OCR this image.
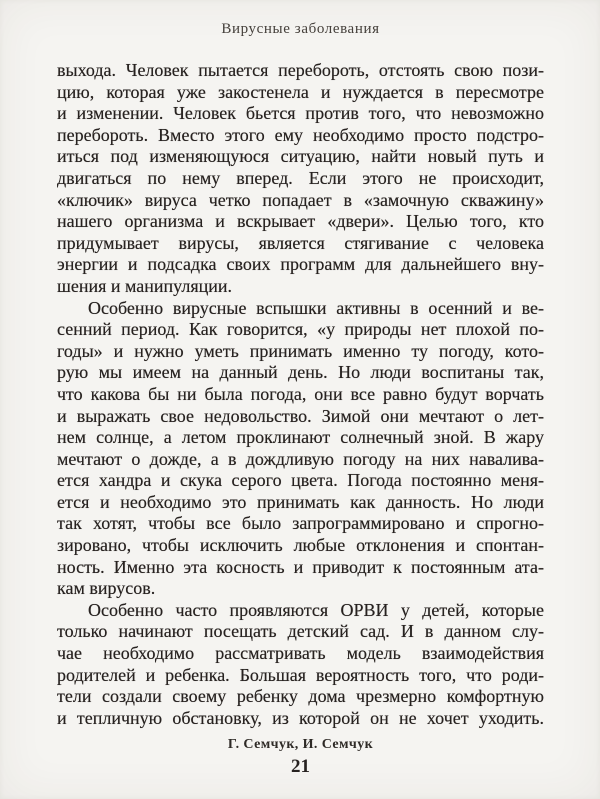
Вирусные заболевания
выхода. Человек пытается перебороть, отстоять свою пози-
цию, которая уже закостенела и нуждается в пересмотре
и изменении. Человек бьется против того, что невозможно
перебороть. Вместо этого ему необходимо просто подстро-
иться под изменяющуюся ситуацию, найти новый путь и
двигаться по нему вперед. Если этого не происходит,
«ключик» вируса четко попадает в «замочную скважину»
нашего организма и вскрывает «двери». Целью того, кто
придумывает вирусы, является стягивание с человека
энергии и подсадка своих программ для дальнейшего вну-
шения и манипуляции.
Особенно вирусные вспышки активны в осенний и ве-
сенний период. Как говорится, «у природы нет плохой по-
годы» и нужно уметь принимать именно ту погоду, кото-
рую мы имеем на данный день. Но люди воспитаны так,
что какова бы ни была погода, они все равно будут ворчать
и выражать свое недовольство. Зимой они мечтают о лет-
нем солнце, а летом проклинают солнечный зной. В жару
мечтают о дожде, а в дождливую погоду на них навалива-
ется хандра и скука серого цвета. Погода постоянно меня-
ется и необходимо это принимать как данность. Но люди
так хотят, чтобы все было запрограммировано и спрогно-
зировано, чтобы исключить любые отклонения и спонтан-
ность. Именно эта косность и приводит к постоянным ата-
кам вирусов.
Особенно часто проявляются ОРВИ у детей, которые
только начинают посещать детский сад. И в данном слу-
чае необходимо рассматривать модель взаимодействия
родителей и ребенка. Большая вероятность того, что роди-
тели создали своему ребенку дома чрезмерно комфортную
и тепличную обстановку, из которой он не хочет уходить.
Г. Семчук, И. Семчук
21
